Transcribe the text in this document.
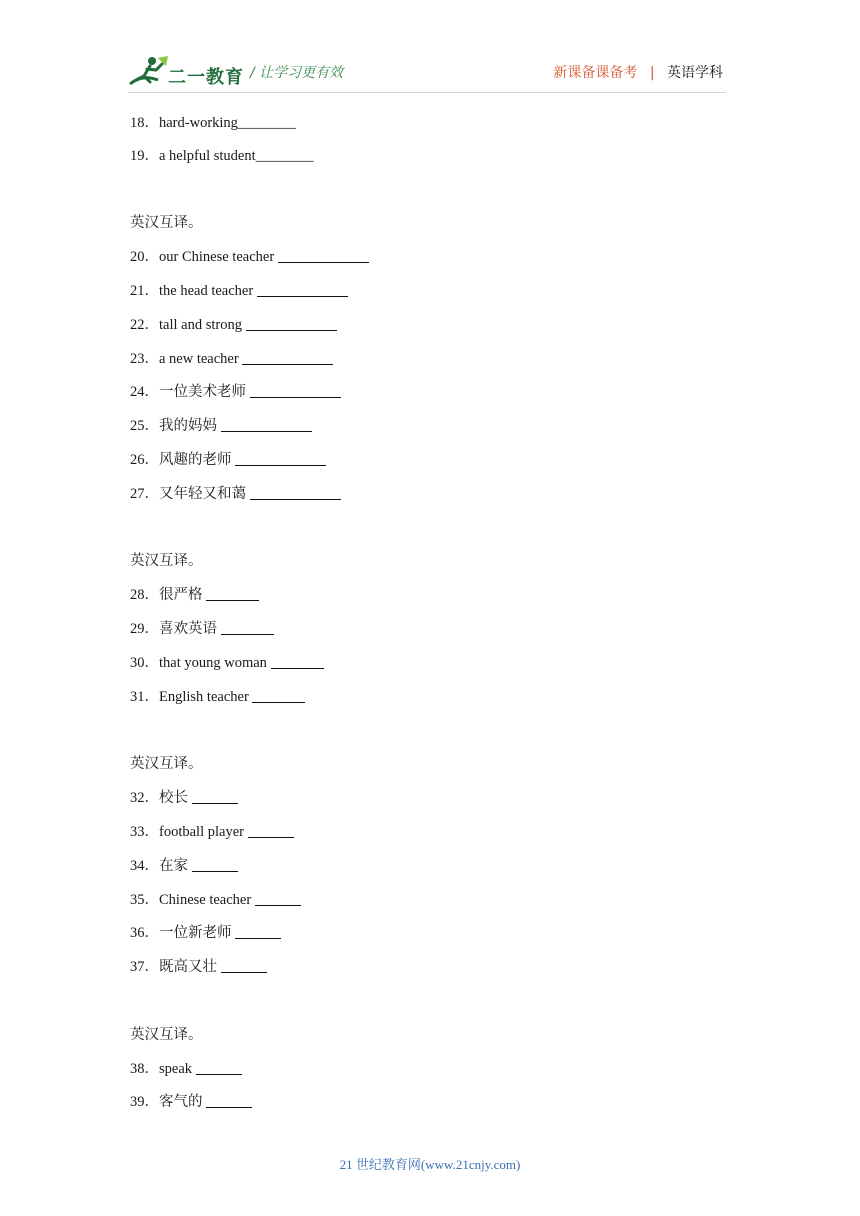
二一教育 / 让学习更有效	新课备课备考 | 英语学科
18．hard-working________
19．a helpful student________
英汉互译。
20．our Chinese teacher
21．the head teacher
22．tall and strong
23．a new teacher
24．一位美术老师
25．我的妈妈
26．风趣的老师
27．又年轻又和蔼
英汉互译。
28．很严格
29．喜欢英语
30．that young woman
31．English teacher
英汉互译。
32．校长
33．football player
34．在家
35．Chinese teacher
36．一位新老师
37．既高又壮
英汉互译。
38．speak
39．客气的
21 世纪教育网(www.21cnjy.com)
